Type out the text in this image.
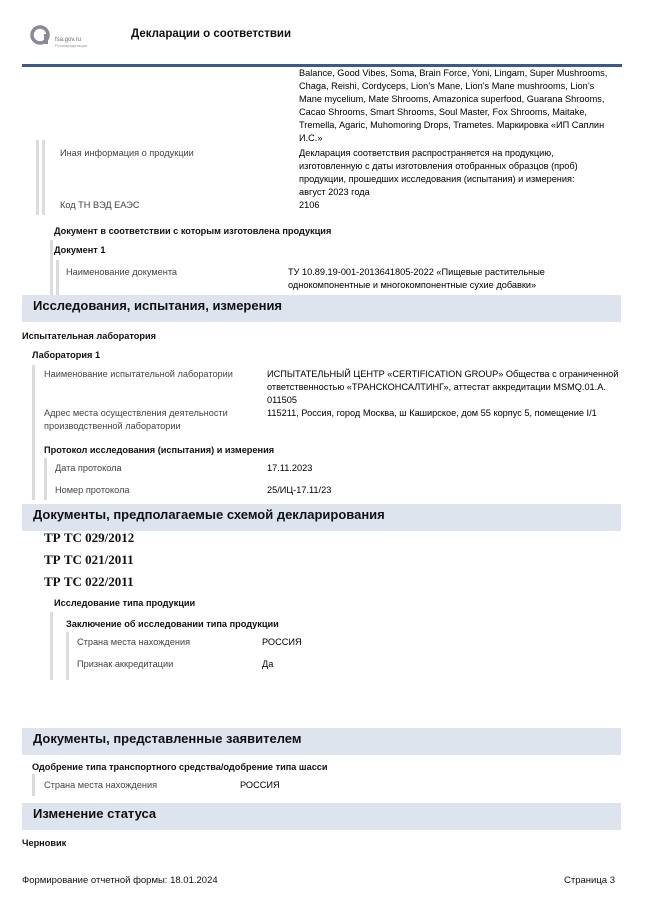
fsa.gov.ru
Росаккредитация
Декларации о соответствии
Balance, Good Vibes, Soma, Brain Force, Yoni, Lingam, Super Mushrooms,
Chaga, Reishi, Cordyceps, Lion’s Mane, Lion’s Mane mushrooms, Lion’s
Mane mycelium, Mate Shrooms, Amazonica superfood, Guarana Shrooms,
Cacao Shrooms, Smart Shrooms, Soul Master, Fox Shrooms, Maitake,
Tremella, Agaric, Muhomoring Drops, Trametes. Маркировка «ИП Саплин
И.С.»
Иная информация о продукции	Декларация соответствия распространяется на продукцию,
изготовленную с даты изготовления отобранных образцов (проб)
продукции, прошедших исследования (испытания) и измерения:
август 2023 года
Код ТН ВЭД ЕАЭС	2106
Документ в соответствии с которым изготовлена продукция
Документ 1
Наименование документа	ТУ 10.89.19-001-2013641805-2022 «Пищевые растительные
однокомпонентные и многокомпонентные сухие добавки»
Исследования, испытания, измерения
Испытательная лаборатория
Лаборатория 1
Наименование испытательной лаборатории	ИСПЫТАТЕЛЬНЫЙ ЦЕНТР «CERTIFICATION GROUP» Общества с ограниченной
ответственностью «ТРАНСКОНСАЛТИНГ», аттестат аккредитации MSMQ.01.A.
011505
Адрес места осуществления деятельности
производственной лаборатории
115211, Россия, город Москва, ш Каширское, дом 55 корпус 5, помещение I/1
Протокол исследования (испытания) и измерения
Дата протокола	17.11.2023
Номер протокола	25/ИЦ-17.11/23
Документы, предполагаемые схемой декларирования
ТР ТС 029/2012
ТР ТС 021/2011
ТР ТС 022/2011
Исследование типа продукции
Заключение об исследовании типа продукции
Страна места нахождения	РОССИЯ
Признак аккредитации	Да
Документы, представленные заявителем
Одобрение типа транспортного средства/одобрение типа шасси
Страна места нахождения	РОССИЯ
Изменение статуса
Черновик
Формирование отчетной формы: 18.01.2024	Страница 3
